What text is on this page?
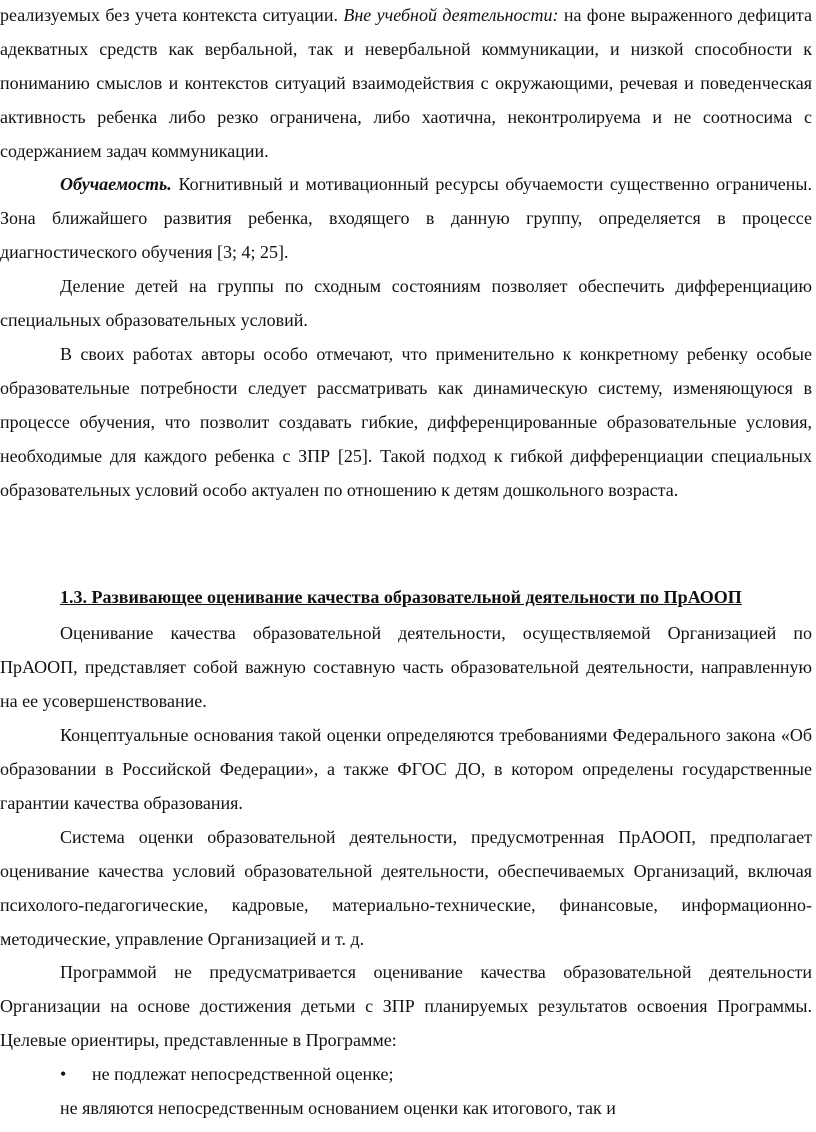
реализуемых без учета контекста ситуации. Вне учебной деятельности: на фоне выраженного дефицита адекватных средств как вербальной, так и невербальной коммуникации, и низкой способности к пониманию смыслов и контекстов ситуаций взаимодействия с окружающими, речевая и поведенческая активность ребенка либо резко ограничена, либо хаотична, неконтролируема и не соотносима с содержанием задач коммуникации.
Обучаемость. Когнитивный и мотивационный ресурсы обучаемости существенно ограничены. Зона ближайшего развития ребенка, входящего в данную группу, определяется в процессе диагностического обучения [3; 4; 25].
Деление детей на группы по сходным состояниям позволяет обеспечить дифференциацию специальных образовательных условий.
В своих работах авторы особо отмечают, что применительно к конкретному ребенку особые образовательные потребности следует рассматривать как динамическую систему, изменяющуюся в процессе обучения, что позволит создавать гибкие, дифференцированные образовательные условия, необходимые для каждого ребенка с ЗПР [25]. Такой подход к гибкой дифференциации специальных образовательных условий особо актуален по отношению к детям дошкольного возраста.
1.3. Развивающее оценивание качества образовательной деятельности по ПрАООП
Оценивание качества образовательной деятельности, осуществляемой Организацией по ПрАООП, представляет собой важную составную часть образовательной деятельности, направленную на ее усовершенствование.
Концептуальные основания такой оценки определяются требованиями Федерального закона «Об образовании в Российской Федерации», а также ФГОС ДО, в котором определены государственные гарантии качества образования.
Система оценки образовательной деятельности, предусмотренная ПрАООП, предполагает оценивание качества условий образовательной деятельности, обеспечиваемых Организаций, включая психолого-педагогические, кадровые, материально-технические, финансовые, информационно-методические, управление Организацией и т. д.
Программой не предусматривается оценивание качества образовательной деятельности Организации на основе достижения детьми с ЗПР планируемых результатов освоения Программы. Целевые ориентиры, представленные в Программе:
• не подлежат непосредственной оценке;
не являются непосредственным основанием оценки как итогового, так и
